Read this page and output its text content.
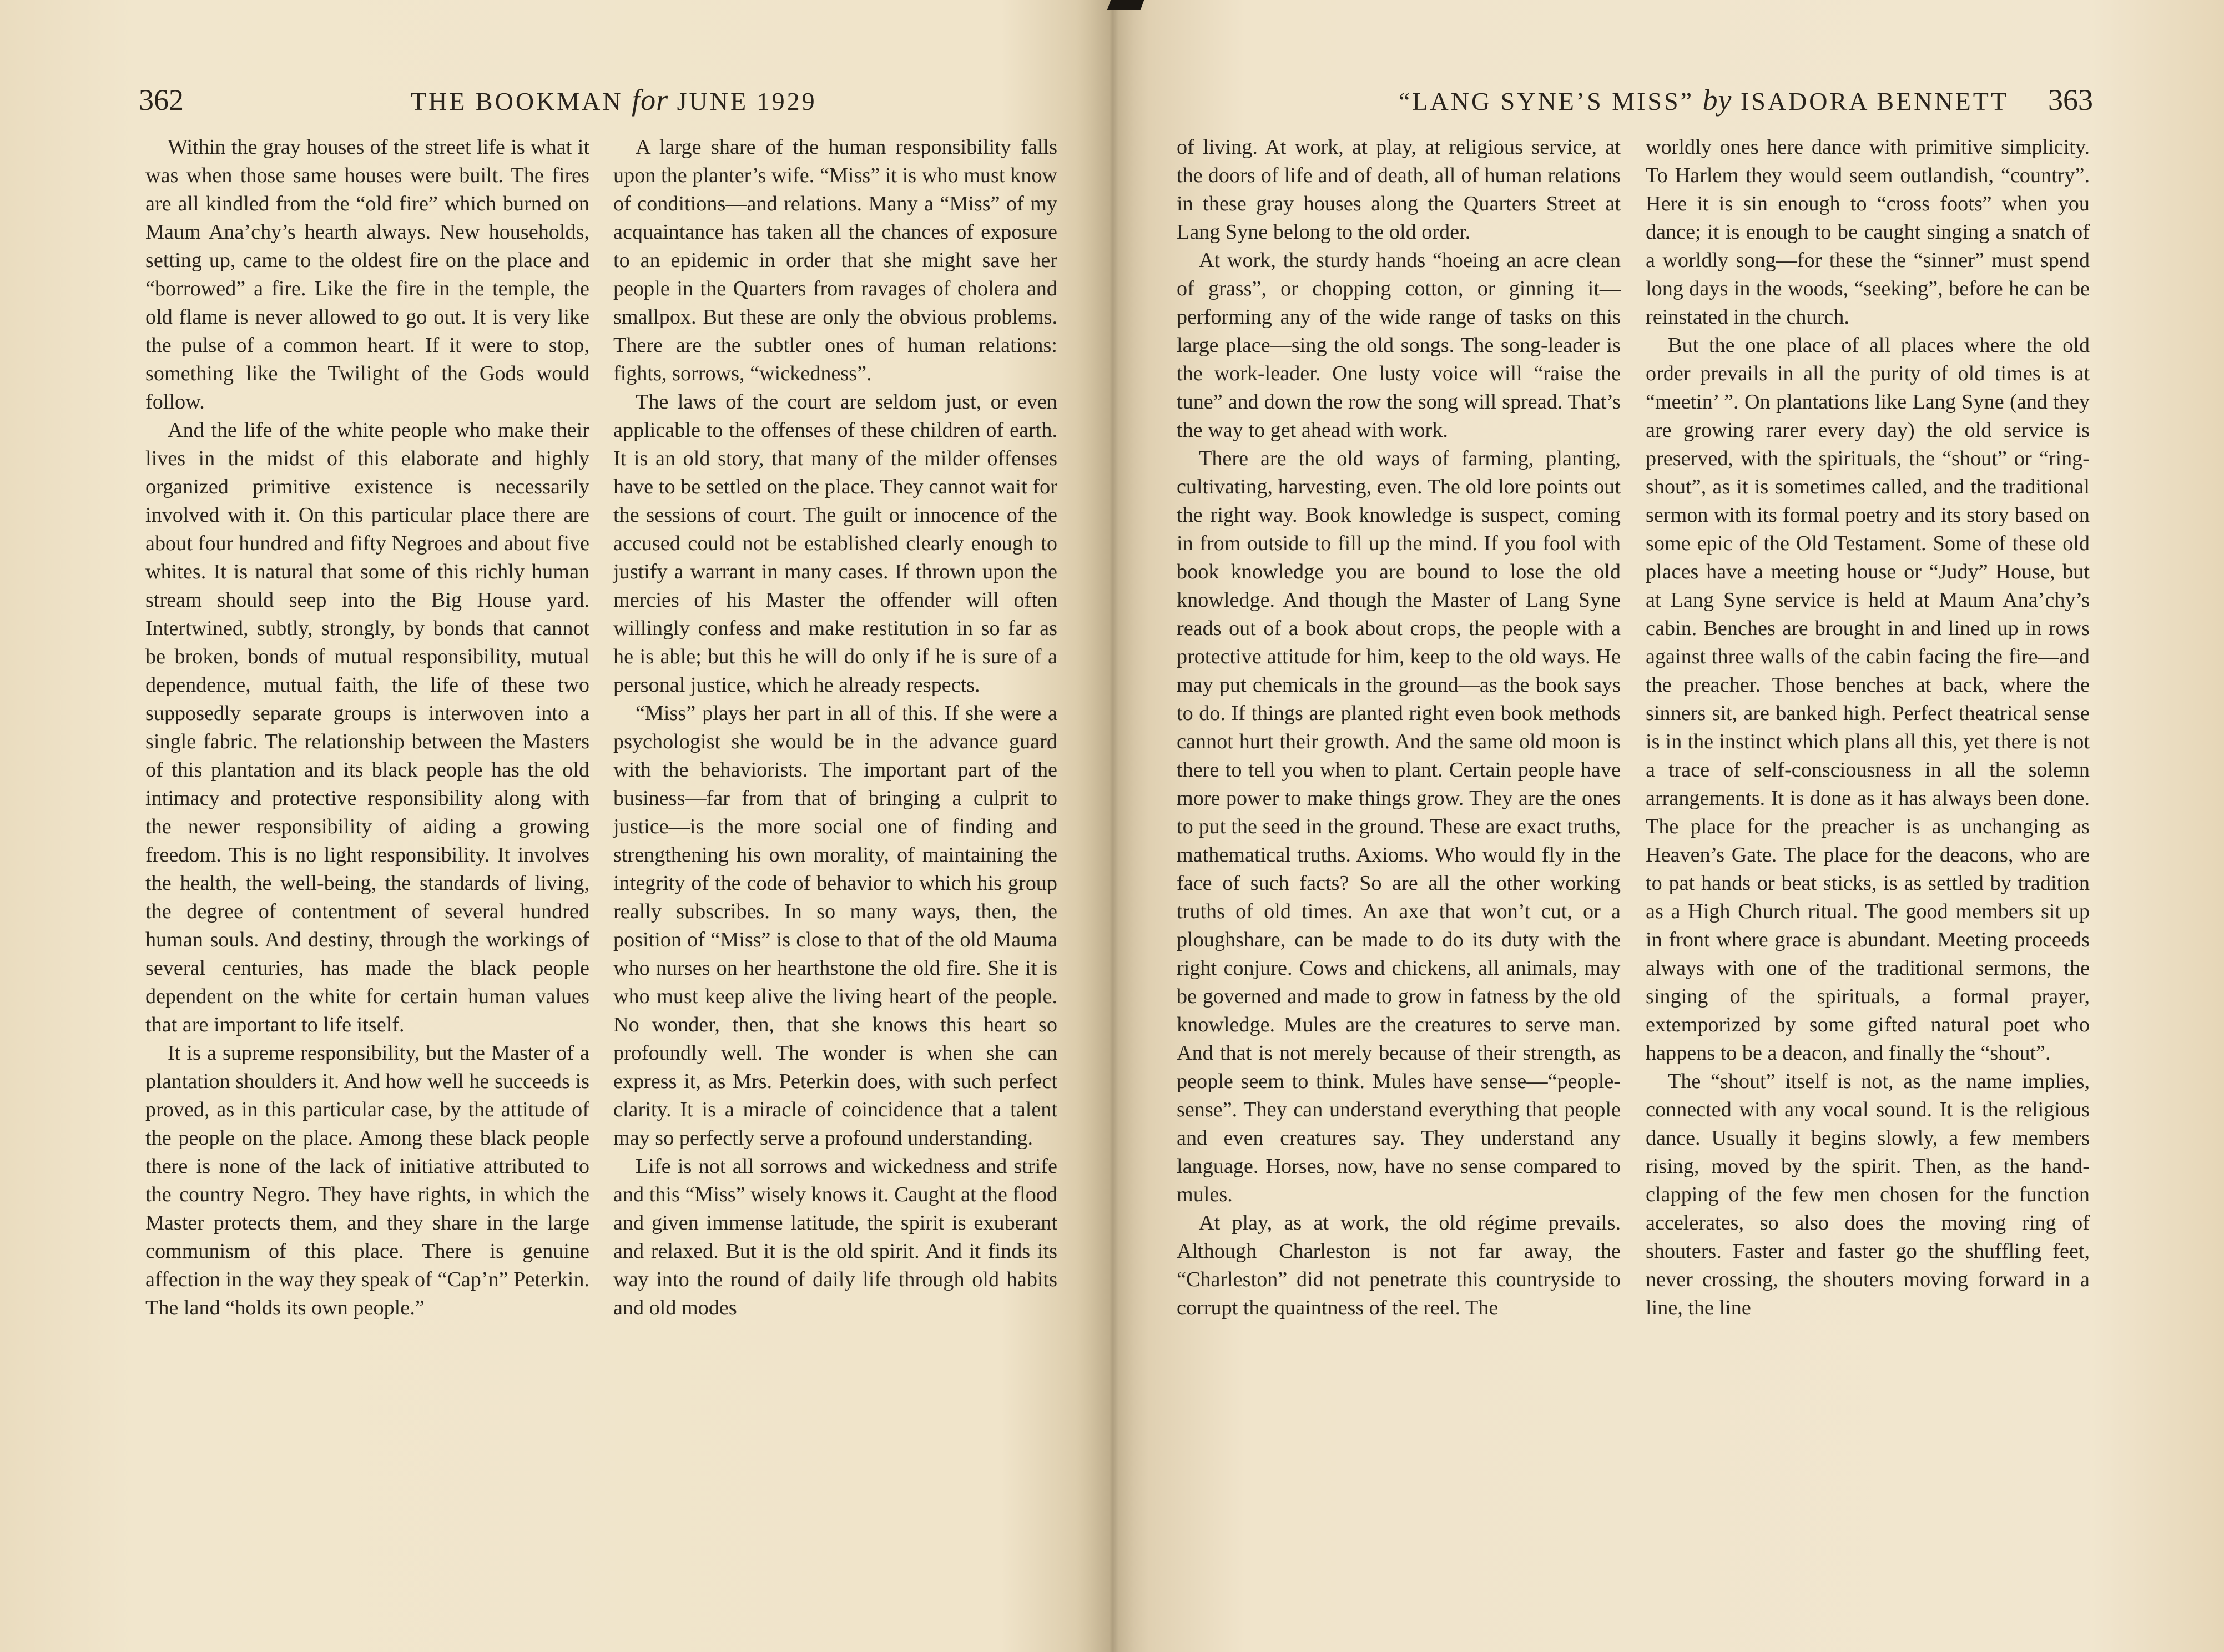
362	THE BOOKMAN for JUNE 1929

Within the gray houses of the street life is what it was when those same houses were built. The fires are all kindled from the “old fire” which burned on Maum Ana’chy’s hearth always. New households, setting up, came to the oldest fire on the place and “borrowed” a fire. Like the fire in the temple, the old flame is never allowed to go out. It is very like the pulse of a common heart. If it were to stop, something like the Twilight of the Gods would follow.

And the life of the white people who make their lives in the midst of this elaborate and highly organized primitive existence is necessarily involved with it. On this particular place there are about four hundred and fifty Negroes and about five whites. It is natural that some of this richly human stream should seep into the Big House yard. Intertwined, subtly, strongly, by bonds that cannot be broken, bonds of mutual responsibility, mutual dependence, mutual faith, the life of these two supposedly separate groups is interwoven into a single fabric. The relationship between the Masters of this plantation and its black people has the old intimacy and protective responsibility along with the newer responsibility of aiding a growing freedom. This is no light responsibility. It involves the health, the well-being, the standards of living, the degree of contentment of several hundred human souls. And destiny, through the workings of several centuries, has made the black people dependent on the white for certain human values that are important to life itself.

It is a supreme responsibility, but the Master of a plantation shoulders it. And how well he succeeds is proved, as in this particular case, by the attitude of the people on the place. Among these black people there is none of the lack of initiative attributed to the country Negro. They have rights, in which the Master protects them, and they share in the large communism of this place. There is genuine affection in the way they speak of “Cap’n” Peterkin. The land “holds its own people.”

A large share of the human responsibility falls upon the planter’s wife. “Miss” it is who must know of conditions—and relations. Many a “Miss” of my acquaintance has taken all the chances of exposure to an epidemic in order that she might save her people in the Quarters from ravages of cholera and smallpox. But these are only the obvious problems. There are the subtler ones of human relations: fights, sorrows, “wickedness”.

The laws of the court are seldom just, or even applicable to the offenses of these children of earth. It is an old story, that many of the milder offenses have to be settled on the place. They cannot wait for the sessions of court. The guilt or innocence of the accused could not be established clearly enough to justify a warrant in many cases. If thrown upon the mercies of his Master the offender will often willingly confess and make restitution in so far as he is able; but this he will do only if he is sure of a personal justice, which he already respects.

“Miss” plays her part in all of this. If she were a psychologist she would be in the advance guard with the behaviorists. The important part of the business—far from that of bringing a culprit to justice—is the more social one of finding and strengthening his own morality, of maintaining the integrity of the code of behavior to which his group really subscribes. In so many ways, then, the position of “Miss” is close to that of the old Mauma who nurses on her hearthstone the old fire. She it is who must keep alive the living heart of the people. No wonder, then, that she knows this heart so profoundly well. The wonder is when she can express it, as Mrs. Peterkin does, with such perfect clarity. It is a miracle of coincidence that a talent may so perfectly serve a profound understanding.

Life is not all sorrows and wickedness and strife and this “Miss” wisely knows it. Caught at the flood and given immense latitude, the spirit is exuberant and relaxed. But it is the old spirit. And it finds its way into the round of daily life through old habits and old modes

“LANG SYNE’S MISS” by ISADORA BENNETT 363

of living. At work, at play, at religious service, at the doors of life and of death, all of human relations in these gray houses along the Quarters Street at Lang Syne belong to the old order.

At work, the sturdy hands “hoeing an acre clean of grass”, or chopping cotton, or ginning it—performing any of the wide range of tasks on this large place—sing the old songs. The song-leader is the work-leader. One lusty voice will “raise the tune” and down the row the song will spread. That’s the way to get ahead with work.

There are the old ways of farming, planting, cultivating, harvesting, even. The old lore points out the right way. Book knowledge is suspect, coming in from outside to fill up the mind. If you fool with book knowledge you are bound to lose the old knowledge. And though the Master of Lang Syne reads out of a book about crops, the people with a protective attitude for him, keep to the old ways. He may put chemicals in the ground—as the book says to do. If things are planted right even book methods cannot hurt their growth. And the same old moon is there to tell you when to plant. Certain people have more power to make things grow. They are the ones to put the seed in the ground. These are exact truths, mathematical truths. Axioms. Who would fly in the face of such facts? So are all the other working truths of old times. An axe that won’t cut, or a ploughshare, can be made to do its duty with the right conjure. Cows and chickens, all animals, may be governed and made to grow in fatness by the old knowledge. Mules are the creatures to serve man. And that is not merely because of their strength, as people seem to think. Mules have sense—“people-sense”. They can understand everything that people and even creatures say. They understand any language. Horses, now, have no sense compared to mules.

At play, as at work, the old régime prevails. Although Charleston is not far away, the “Charleston” did not penetrate this countryside to corrupt the quaintness of the reel. The

worldly ones here dance with primitive simplicity. To Harlem they would seem outlandish, “country”. Here it is sin enough to “cross foots” when you dance; it is enough to be caught singing a snatch of a worldly song—for these the “sinner” must spend long days in the woods, “seeking”, before he can be reinstated in the church.

But the one place of all places where the old order prevails in all the purity of old times is at “meetin’ ”. On plantations like Lang Syne (and they are growing rarer every day) the old service is preserved, with the spirituals, the “shout” or “ring-shout”, as it is sometimes called, and the traditional sermon with its formal poetry and its story based on some epic of the Old Testament. Some of these old places have a meeting house or “Judy” House, but at Lang Syne service is held at Maum Ana’chy’s cabin. Benches are brought in and lined up in rows against three walls of the cabin facing the fire—and the preacher. Those benches at back, where the sinners sit, are banked high. Perfect theatrical sense is in the instinct which plans all this, yet there is not a trace of self-consciousness in all the solemn arrangements. It is done as it has always been done. The place for the preacher is as unchanging as Heaven’s Gate. The place for the deacons, who are to pat hands or beat sticks, is as settled by tradition as a High Church ritual. The good members sit up in front where grace is abundant. Meeting proceeds always with one of the traditional sermons, the singing of the spirituals, a formal prayer, extemporized by some gifted natural poet who happens to be a deacon, and finally the “shout”.

The “shout” itself is not, as the name implies, connected with any vocal sound. It is the religious dance. Usually it begins slowly, a few members rising, moved by the spirit. Then, as the hand-clapping of the few men chosen for the function accelerates, so also does the moving ring of shouters. Faster and faster go the shuffling feet, never crossing, the shouters moving forward in a line, the line
